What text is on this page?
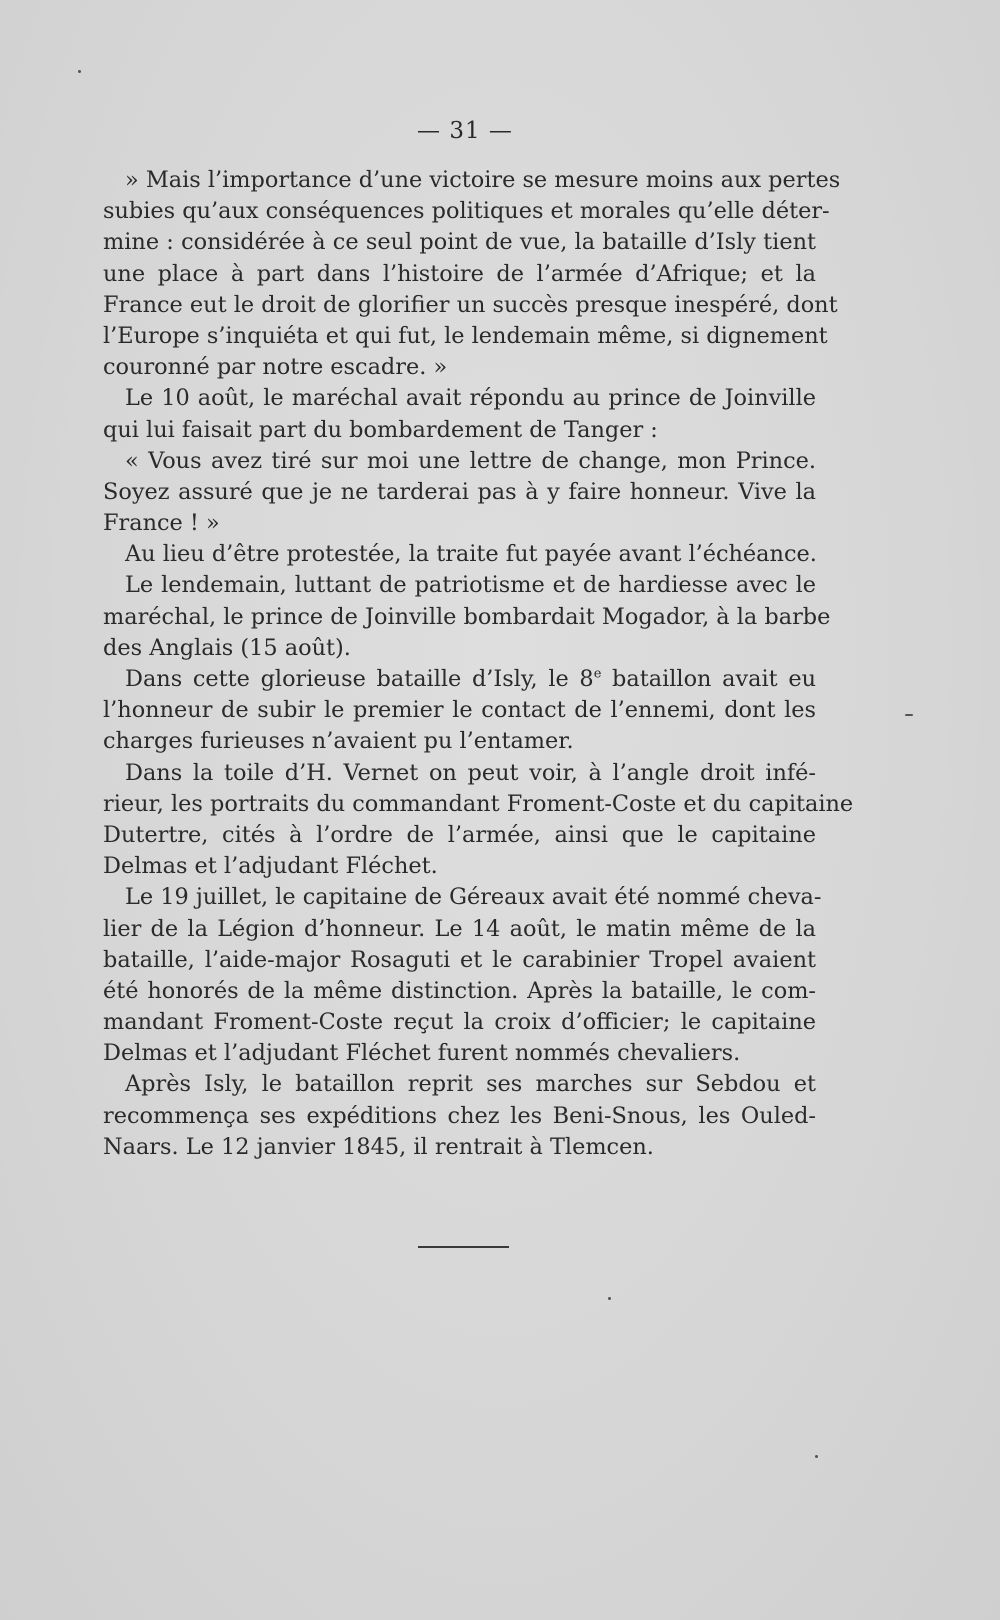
— 31 —
» Mais l’importance d’une victoire se mesure moins aux pertes
subies qu’aux conséquences politiques et morales qu’elle déter-
mine : considérée à ce seul point de vue, la bataille d’Isly tient
une place à part dans l’histoire de l’armée d’Afrique; et la
France eut le droit de glorifier un succès presque inespéré, dont
l’Europe s’inquiéta et qui fut, le lendemain même, si dignement
couronné par notre escadre. »
Le 10 août, le maréchal avait répondu au prince de Joinville
qui lui faisait part du bombardement de Tanger :
« Vous avez tiré sur moi une lettre de change, mon Prince.
Soyez assuré que je ne tarderai pas à y faire honneur. Vive la
France ! »
Au lieu d’être protestée, la traite fut payée avant l’échéance.
Le lendemain, luttant de patriotisme et de hardiesse avec le
maréchal, le prince de Joinville bombardait Mogador, à la barbe
des Anglais (15 août).
Dans cette glorieuse bataille d’Isly, le 8e bataillon avait eu
l’honneur de subir le premier le contact de l’ennemi, dont les
charges furieuses n’avaient pu l’entamer.
Dans la toile d’H. Vernet on peut voir, à l’angle droit infé-
rieur, les portraits du commandant Froment-Coste et du capitaine
Dutertre, cités à l’ordre de l’armée, ainsi que le capitaine
Delmas et l’adjudant Fléchet.
Le 19 juillet, le capitaine de Géreaux avait été nommé cheva-
lier de la Légion d’honneur. Le 14 août, le matin même de la
bataille, l’aide-major Rosaguti et le carabinier Tropel avaient
été honorés de la même distinction. Après la bataille, le com-
mandant Froment-Coste reçut la croix d’officier; le capitaine
Delmas et l’adjudant Fléchet furent nommés chevaliers.
Après Isly, le bataillon reprit ses marches sur Sebdou et
recommença ses expéditions chez les Beni-Snous, les Ouled-
Naars. Le 12 janvier 1845, il rentrait à Tlemcen.
